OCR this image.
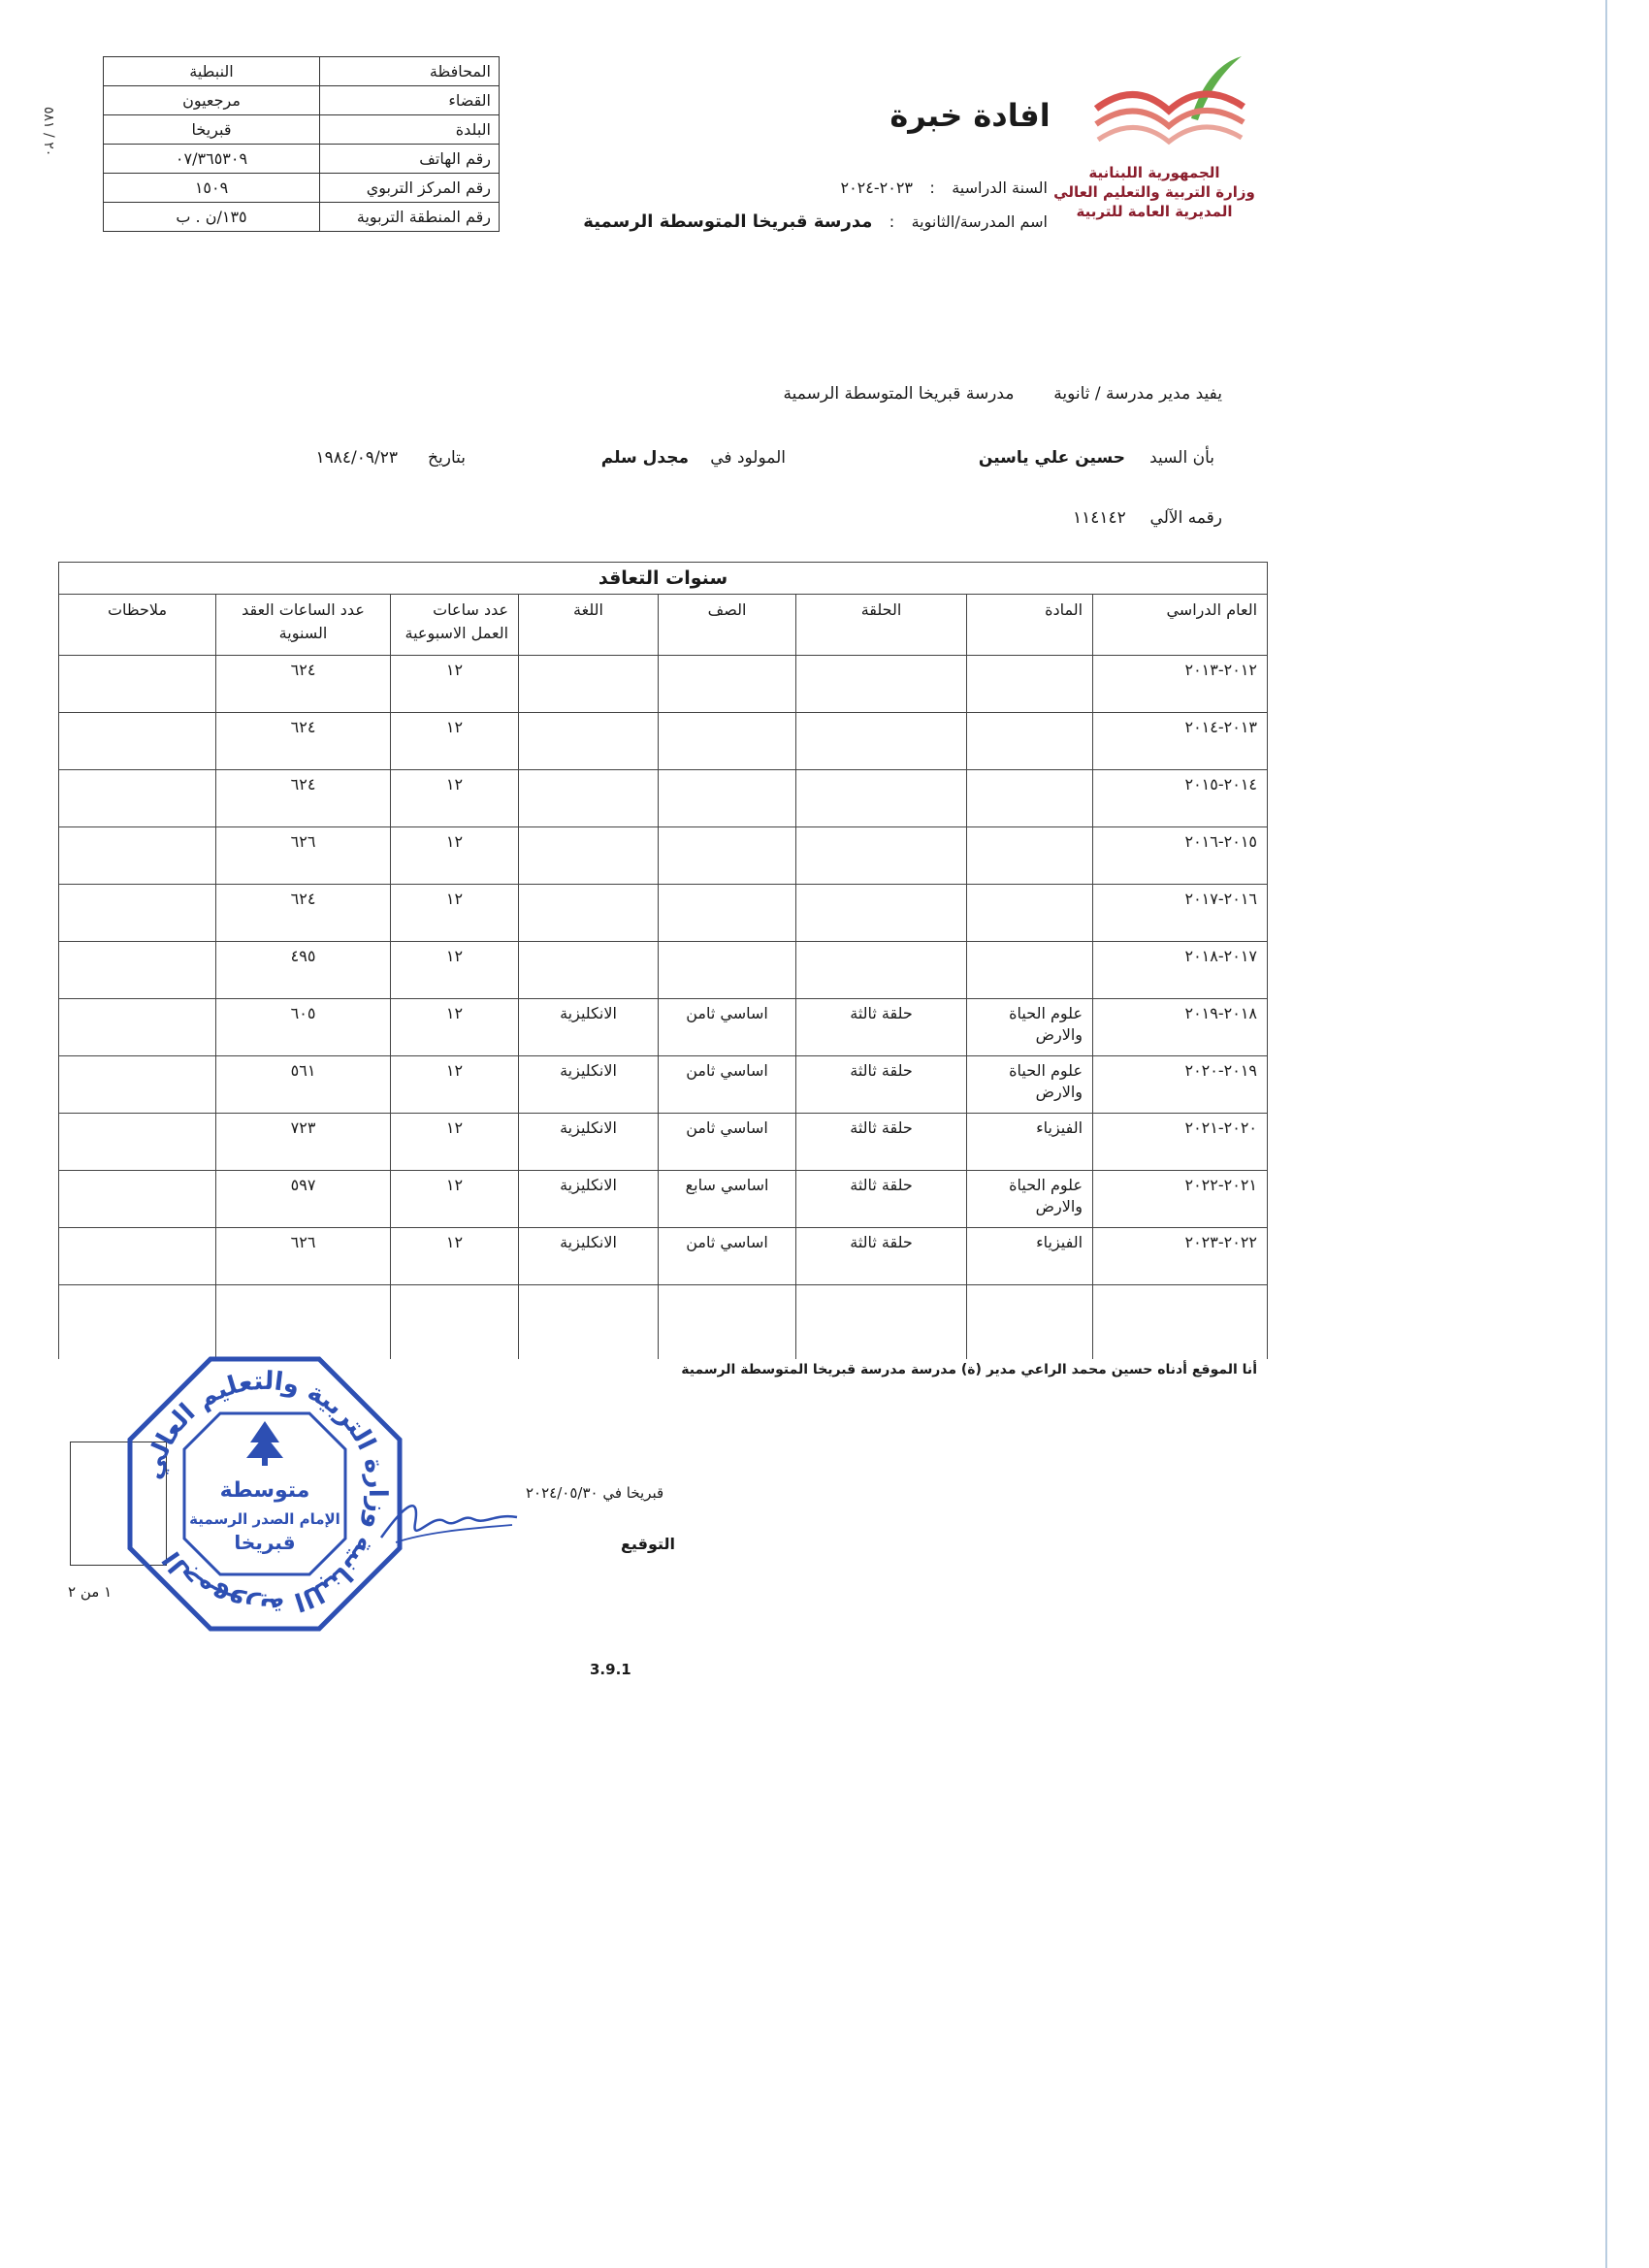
الجمهورية اللبنانية
وزارة التربية والتعليم العالي
المديرية العامة للتربية
افادة خبرة
السنة الدراسية : ٢٠٢٣-٢٠٢٤
اسم المدرسة/الثانوية : مدرسة قبريخا المتوسطة الرسمية
المحافظة	النبطية
القضاء	مرجعيون
البلدة	قبريخا
رقم الهاتف	٠٧/٣٦٥٣٠٩
رقم المركز التربوي	١٥٠٩
رقم المنطقة التربوية	١٣٥/ن . ب
٢٠ / ٥٨١
يفيد مدير مدرسة / ثانوية  مدرسة قبريخا المتوسطة الرسمية
بأن السيد
حسين علي ياسين
المولود في
مجدل سلم
بتاريخ
١٩٨٤/٠٩/٢٣
رقمه الآلي  ١١٤١٤٢
سنوات التعاقد							
العام الدراسي	المادة	الحلقة	الصف	اللغة	عدد ساعات العمل الاسبوعية	عدد الساعات العقد السنوية	ملاحظات
٢٠١٢-٢٠١٣					١٢	٦٢٤	
٢٠١٣-٢٠١٤					١٢	٦٢٤	
٢٠١٤-٢٠١٥					١٢	٦٢٤	
٢٠١٥-٢٠١٦					١٢	٦٢٦	
٢٠١٦-٢٠١٧					١٢	٦٢٤	
٢٠١٧-٢٠١٨					١٢	٤٩٥	
٢٠١٨-٢٠١٩	علوم الحياة والارض	حلقة ثالثة	اساسي ثامن	الانكليزية	١٢	٦٠٥	
٢٠١٩-٢٠٢٠	علوم الحياة والارض	حلقة ثالثة	اساسي ثامن	الانكليزية	١٢	٥٦١	
٢٠٢٠-٢٠٢١	الفيزياء	حلقة ثالثة	اساسي ثامن	الانكليزية	١٢	٧٢٣	
٢٠٢١-٢٠٢٢	علوم الحياة والارض	حلقة ثالثة	اساسي سابع	الانكليزية	١٢	٥٩٧	
٢٠٢٢-٢٠٢٣	الفيزياء	حلقة ثالثة	اساسي ثامن	الانكليزية	١٢	٦٢٦	

أنا الموقع أدناه حسين محمد الراعي مدير (ة) مدرسة مدرسة قبريخا المتوسطة الرسمية
الجمهورية اللبنانية وزارة التربية والتعليم العالي
متوسطة
الإمام الصدر الرسمية
قبريخا
قبريخا في ٢٠٢٤/٠٥/٣٠
التوقيع
١ من ٢
3.9.1
